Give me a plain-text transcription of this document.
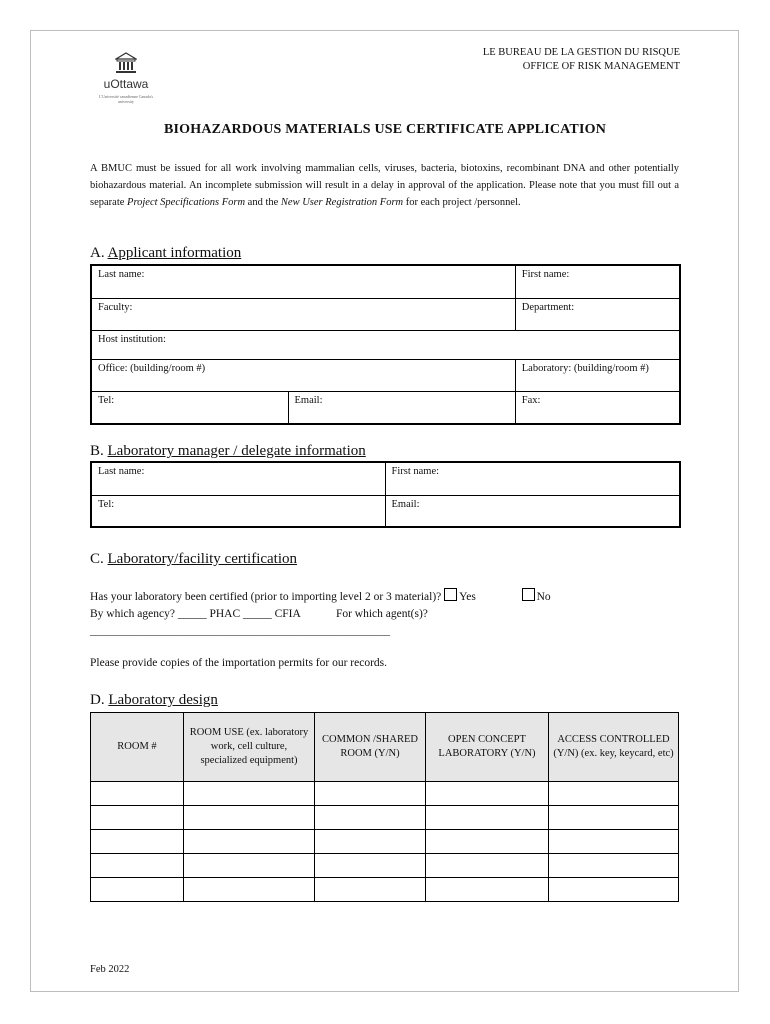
uOttawa
L'Université canadienne Canada's university
LE BUREAU DE LA GESTION DU RISQUE
OFFICE OF RISK MANAGEMENT
BIOHAZARDOUS MATERIALS USE CERTIFICATE APPLICATION
A BMUC must be issued for all work involving mammalian cells, viruses, bacteria, biotoxins, recombinant DNA and other potentially biohazardous material. An incomplete submission will result in a delay in approval of the application. Please note that you must fill out a separate Project Specifications Form and the New User Registration Form for each project /personnel.
A. Applicant information
Last name:		First name:
Faculty:		Department:
Host institution:		
Office: (building/room #)		Laboratory: (building/room #)
Tel:	Email:	Fax:
B. Laboratory manager / delegate information
Last name:	First name:
Tel:	Email:
C. Laboratory/facility certification
Has your laboratory been certified (prior to importing level 2 or 3 material)? Yes	No
By which agency? _____ PHAC _____ CFIA	For which agent(s)?
____________________________________________________________
Please provide copies of the importation permits for our records.
D. Laboratory design
ROOM #	ROOM USE (ex. laboratory work, cell culture, specialized equipment)	COMMON /SHARED ROOM (Y/N)	OPEN CONCEPT LABORATORY (Y/N)	ACCESS CONTROLLED (Y/N) (ex. key, keycard, etc)

Feb 2022
